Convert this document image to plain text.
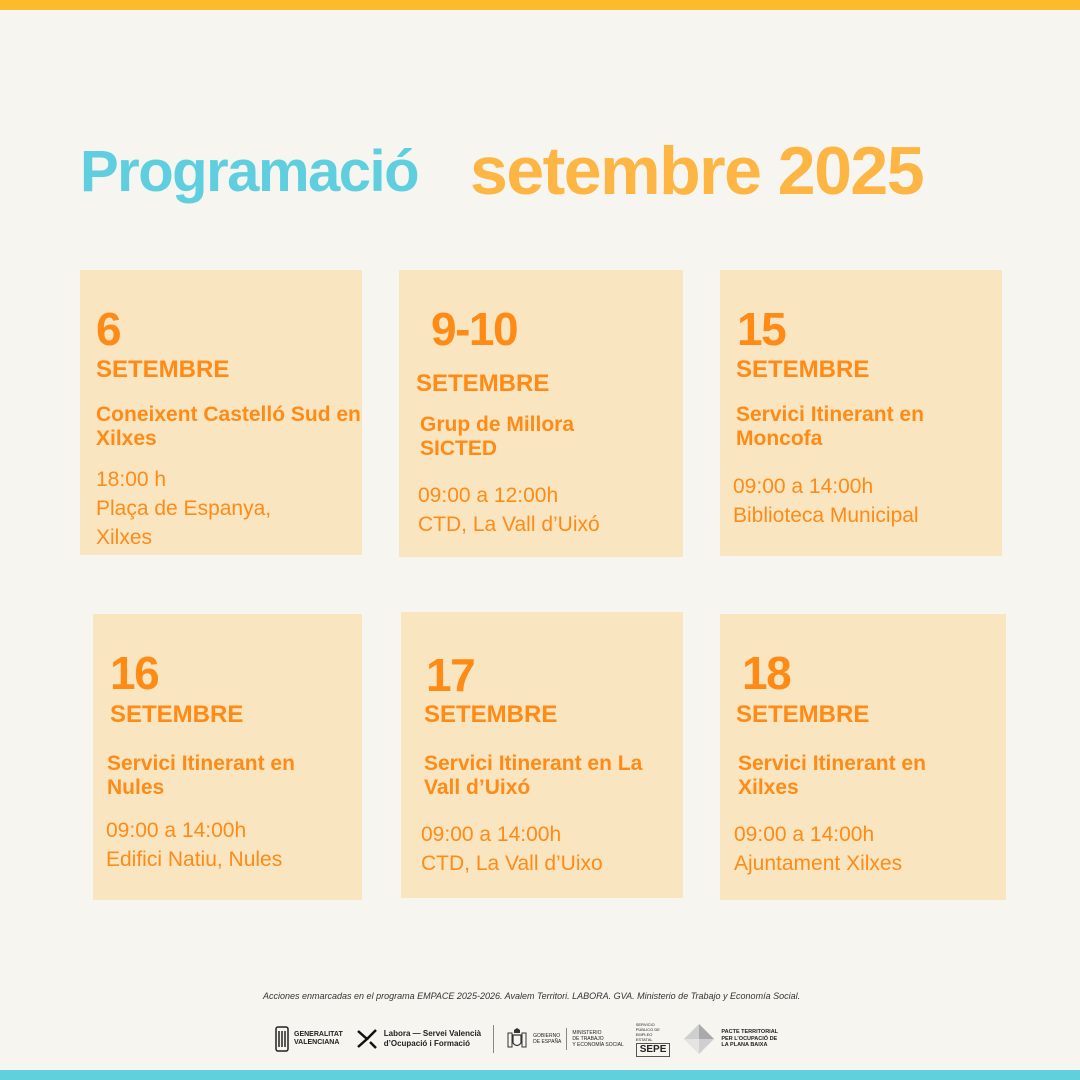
Programació setembre 2025
6
SETEMBRE
Coneixent Castelló Sud en Xilxes
18:00 h
Plaça de Espanya,
Xilxes
9-10
SETEMBRE
Grup de Millora SICTED
09:00 a 12:00h
CTD, La Vall d’Uixó
15
SETEMBRE
Servici Itinerant en Moncofa
09:00 a 14:00h
Biblioteca Municipal
16
SETEMBRE
Servici Itinerant en Nules
09:00 a 14:00h
Edifici Natiu, Nules
17
SETEMBRE
Servici Itinerant en La Vall d’Uixó
09:00 a 14:00h
CTD, La Vall d’Uixo
18
SETEMBRE
Servici Itinerant en Xilxes
09:00 a 14:00h
Ajuntament Xilxes
Acciones enmarcadas en el programa EMPACE 2025-2026. Avalem Territori. LABORA. GVA. Ministerio de Trabajo y Economía Social.
GENERALITAT
VALENCIANA
Labora — Servei Valencià
d’Ocupació i Formació
GOBIERNO
DE ESPAÑA
MINISTERIO
DE TRABAJO
Y ECONOMÍA SOCIAL
SERVICIO PÚBLICO DE EMPLEO ESTATAL
SEPE
PACTE TERRITORIAL
PER L’OCUPACIÓ DE
LA PLANA BAIXA
